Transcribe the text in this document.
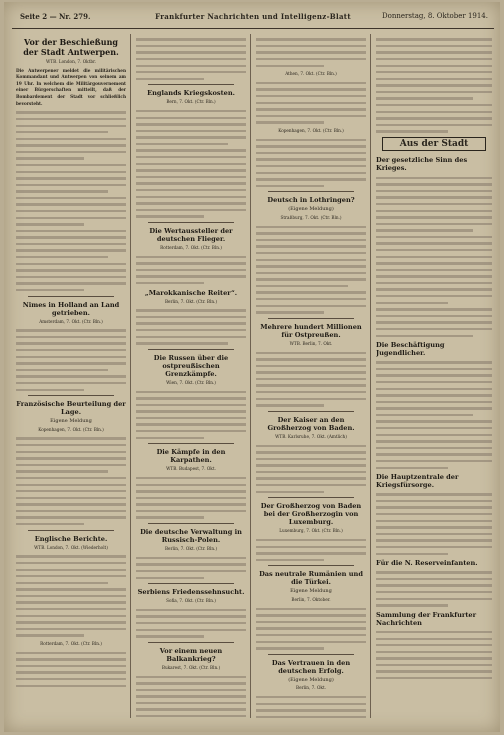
Seite 2 — Nr. 279.	Frankfurter Nachrichten und Intelligenz-Blatt	Donnerstag, 8. Oktober 1914.
Vor der Beschießung der Stadt Antwerpen.
WTB. London, 7. Oktbr.
Die Antwerpener meldet die militärischen Kommandant und Antwerpen von seinem am 19 Uhr. In welchem die Militärgouvernement einer Bürgerschaften mitteilt, daß der Bombardement der Stadt vor schließlich bevorsteht.
Nimes in Holland an Land getrieben.
Amsterdam, 7. Okt. (Ctr. Bln.)
Französische Beurteilung der Lage.
Eigene Meldung
Kopenhagen, 7. Okt. (Ctr. Bln.)
Englische Berichte.
WTB. London, 7. Okt. (Wiederholt)
Rotterdam, 7. Okt. (Ctr. Bln.)
Englands Kriegskosten.
Bern, 7. Okt. (Ctr. Bln.)
Die Wertaussteller der deutschen Flieger.
Rotterdam, 7. Okt. (Ctr. Bln.)
„Marokkanische Reiter“.
Berlin, 7. Okt. (Ctr. Bln.)
Die Russen über die ostpreußischen Grenzkämpfe.
Wien, 7. Okt. (Ctr. Bln.)
Die Kämpfe in den Karpathen.
WTB. Budapest, 7. Okt.
Die deutsche Verwaltung in Russisch-Polen.
Berlin, 7. Okt. (Ctr. Bln.)
Serbiens Friedenssehnsucht.
Sofia, 7. Okt. (Ctr. Bln.)
Vor einem neuen Balkankrieg?
Bukarest, 7. Okt. (Ctr. Bln.)
Athen, 7. Okt. (Ctr. Bln.)
Kopenhagen, 7. Okt. (Ctr. Bln.)
Deutsch in Lothringen?
(Eigene Meldung)
Straßburg, 7. Okt. (Ctr. Bln.)
Mehrere hundert Millionen für Ostpreußen.
WTB. Berlin, 7. Okt.
Der Kaiser an den Großherzog von Baden.
WTB. Karlsruhe, 7. Okt. (Amtlich)
Der Großherzog von Baden bei der Großherzogin von Luxemburg.
Luxemburg, 7. Okt. (Ctr. Bln.)
Das neutrale Rumänien und die Türkei.
Eigene Meldung
Berlin, 7. Oktober.
Das Vertrauen in den deutschen Erfolg.
(Eigene Meldung)
Berlin, 7. Okt.
Aus der Stadt
Der gesetzliche Sinn des Krieges.
Die Beschäftigung Jugendlicher.
Die Hauptzentrale der Kriegsfürsorge.
Für die N. Reserveinfanten.
Sammlung der Frankfurter Nachrichten
